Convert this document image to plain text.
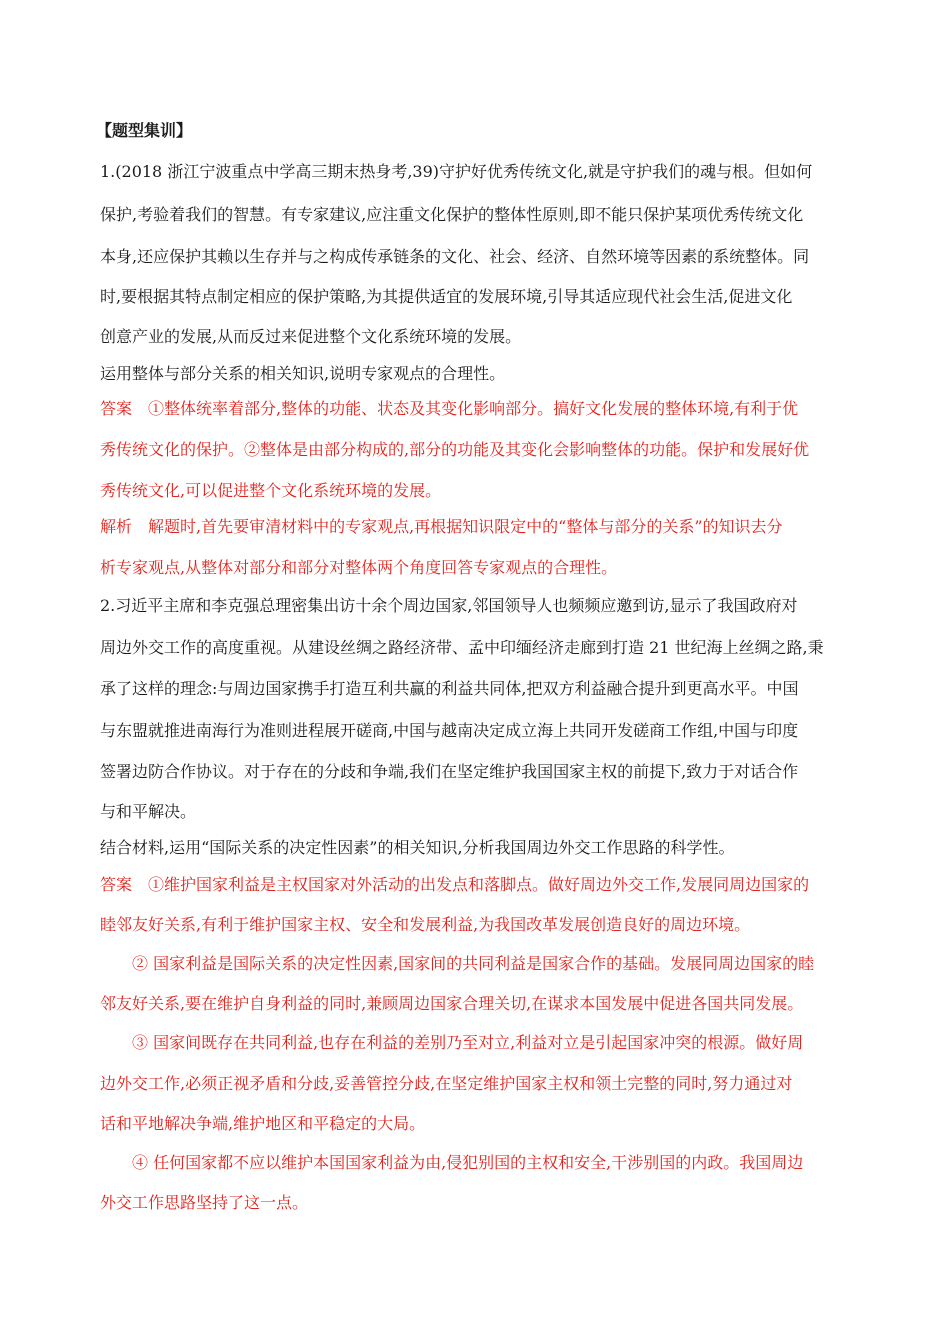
【题型集训】
1.(2018 浙江宁波重点中学高三期末热身考,39)守护好优秀传统文化,就是守护我们的魂与根。但如何
保护,考验着我们的智慧。有专家建议,应注重文化保护的整体性原则,即不能只保护某项优秀传统文化
本身,还应保护其赖以生存并与之构成传承链条的文化、社会、经济、自然环境等因素的系统整体。同
时,要根据其特点制定相应的保护策略,为其提供适宜的发展环境,引导其适应现代社会生活,促进文化
创意产业的发展,从而反过来促进整个文化系统环境的发展。
运用整体与部分关系的相关知识,说明专家观点的合理性。
答案　①整体统率着部分,整体的功能、状态及其变化影响部分。搞好文化发展的整体环境,有利于优
秀传统文化的保护。②整体是由部分构成的,部分的功能及其变化会影响整体的功能。保护和发展好优
秀传统文化,可以促进整个文化系统环境的发展。
解析　解题时,首先要审清材料中的专家观点,再根据知识限定中的“整体与部分的关系”的知识去分
析专家观点,从整体对部分和部分对整体两个角度回答专家观点的合理性。
2.习近平主席和李克强总理密集出访十余个周边国家,邻国领导人也频频应邀到访,显示了我国政府对
周边外交工作的高度重视。从建设丝绸之路经济带、孟中印缅经济走廊到打造 21 世纪海上丝绸之路,秉
承了这样的理念:与周边国家携手打造互利共赢的利益共同体,把双方利益融合提升到更高水平。中国
与东盟就推进南海行为准则进程展开磋商,中国与越南决定成立海上共同开发磋商工作组,中国与印度
签署边防合作协议。对于存在的分歧和争端,我们在坚定维护我国国家主权的前提下,致力于对话合作
与和平解决。
结合材料,运用“国际关系的决定性因素”的相关知识,分析我国周边外交工作思路的科学性。
答案　①维护国家利益是主权国家对外活动的出发点和落脚点。做好周边外交工作,发展同周边国家的
睦邻友好关系,有利于维护国家主权、安全和发展利益,为我国改革发展创造良好的周边环境。
② 国家利益是国际关系的决定性因素,国家间的共同利益是国家合作的基础。发展同周边国家的睦
邻友好关系,要在维护自身利益的同时,兼顾周边国家合理关切,在谋求本国发展中促进各国共同发展。
③ 国家间既存在共同利益,也存在利益的差别乃至对立,利益对立是引起国家冲突的根源。做好周
边外交工作,必须正视矛盾和分歧,妥善管控分歧,在坚定维护国家主权和领土完整的同时,努力通过对
话和平地解决争端,维护地区和平稳定的大局。
④ 任何国家都不应以维护本国国家利益为由,侵犯别国的主权和安全,干涉别国的内政。我国周边
外交工作思路坚持了这一点。
